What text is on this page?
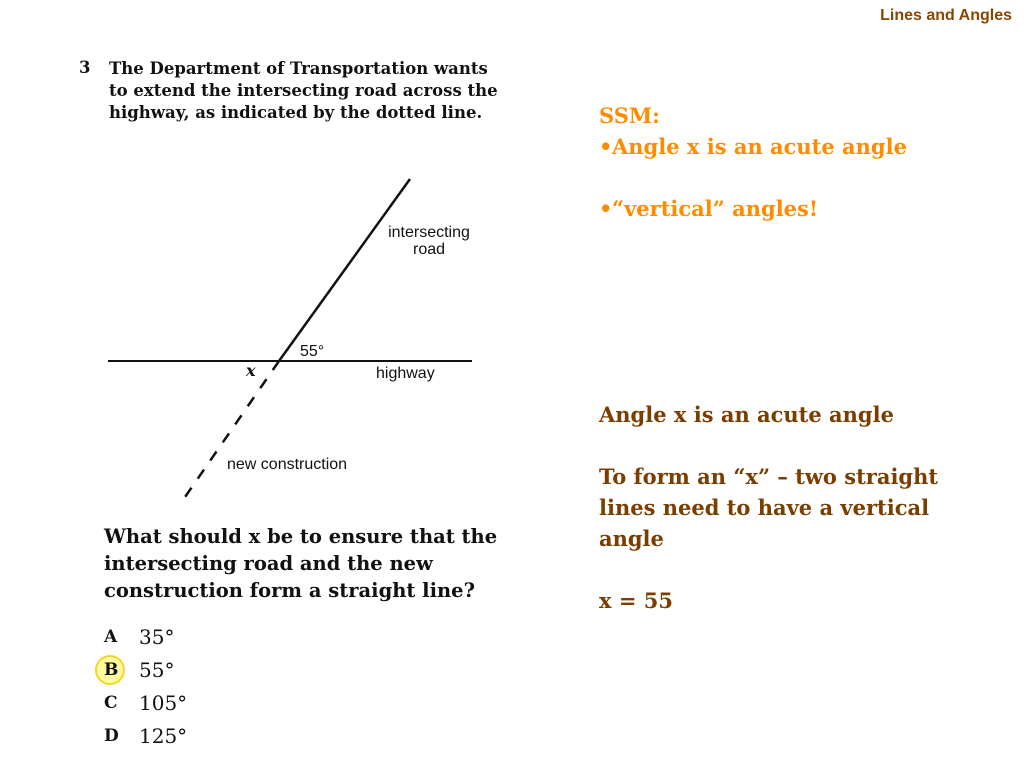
Lines and Angles
3 The Department of Transportation wants to extend the intersecting road across the highway, as indicated by the dotted line.
intersecting
road
55°
x	highway
new construction
What should x be to ensure that the intersecting road and the new construction form a straight line?
A	35°
B	55°
C	105°
D	125°
SSM:
• Angle x is an acute angle
• “vertical” angles!
Angle x is an acute angle
To form an “x” – two straight lines need to have a vertical angle
x = 55
